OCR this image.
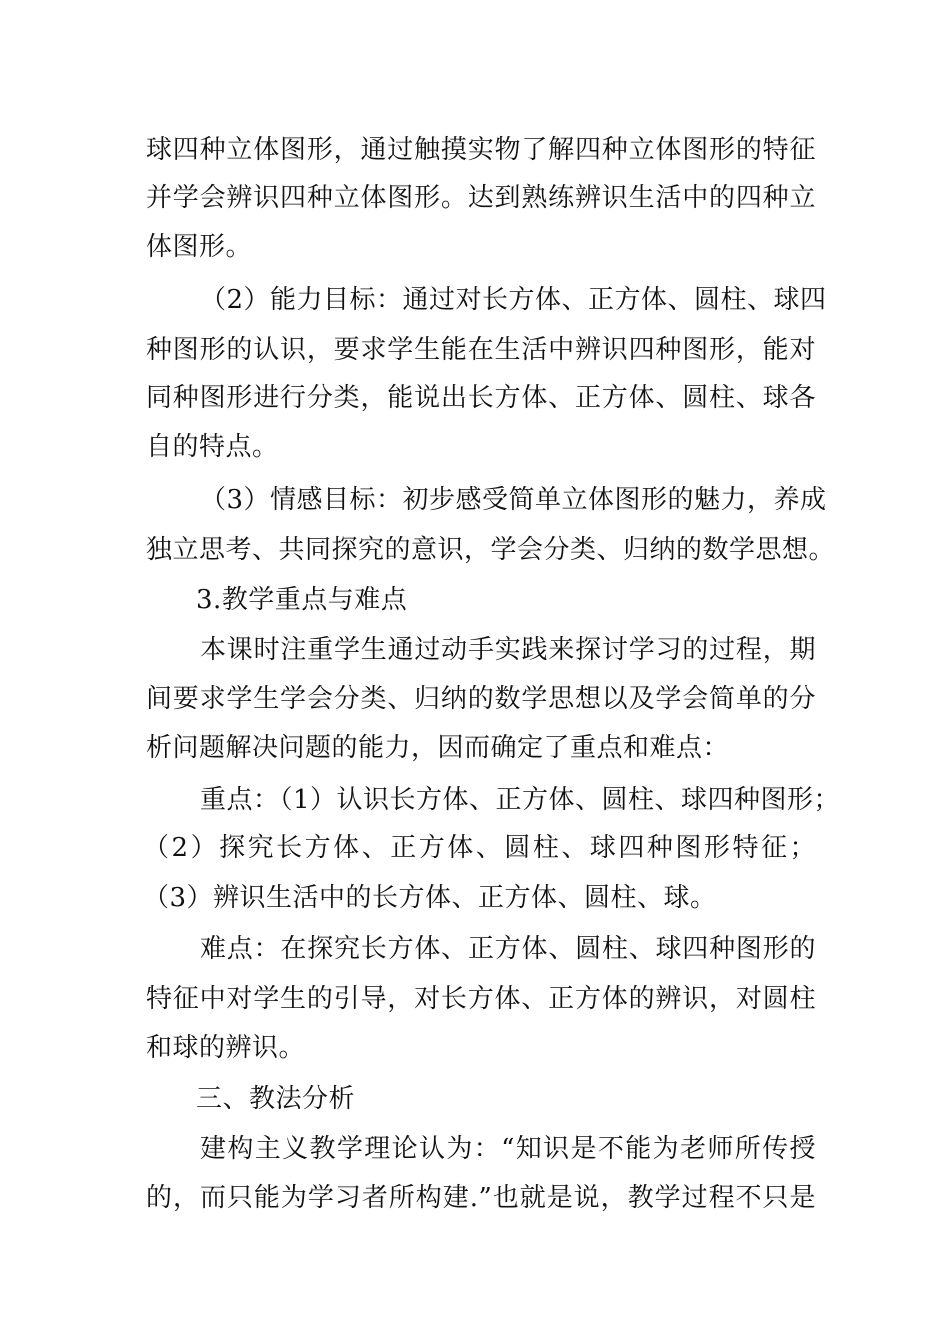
球四种立体图形，通过触摸实物了解四种立体图形的特征
并学会辨识四种立体图形。达到熟练辨识生活中的四种立
体图形。
（2）能力目标：通过对长方体、正方体、圆柱、球四
种图形的认识，要求学生能在生活中辨识四种图形，能对
同种图形进行分类，能说出长方体、正方体、圆柱、球各
自的特点。
（3）情感目标：初步感受简单立体图形的魅力，养成
独立思考、共同探究的意识，学会分类、归纳的数学思想。
3.教学重点与难点
本课时注重学生通过动手实践来探讨学习的过程，期
间要求学生学会分类、归纳的数学思想以及学会简单的分
析问题解决问题的能力，因而确定了重点和难点：
重点：（1）认识长方体、正方体、圆柱、球四种图形；
（2）探究长方体、正方体、圆柱、球四种图形特征；
（3）辨识生活中的长方体、正方体、圆柱、球。
难点：在探究长方体、正方体、圆柱、球四种图形的
特征中对学生的引导，对长方体、正方体的辨识，对圆柱
和球的辨识。
三、教法分析
建构主义教学理论认为：“知识是不能为老师所传授
的，而只能为学习者所构建.”也就是说，教学过程不只是
